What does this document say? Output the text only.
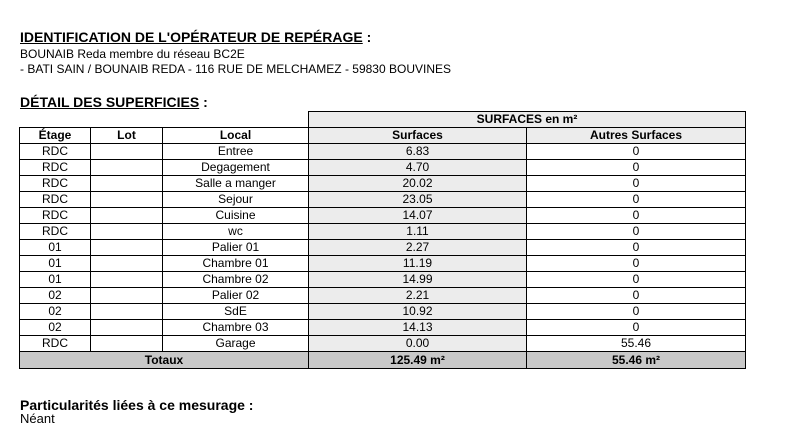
IDENTIFICATION DE L'OPÉRATEUR DE REPÉRAGE :
BOUNAIB Reda membre du réseau BC2E
- BATI SAIN / BOUNAIB REDA - 116 RUE DE MELCHAMEZ - 59830 BOUVINES
DÉTAIL DES SUPERFICIES :
			SURFACES en m²	
Étage	Lot	Local	Surfaces	Autres Surfaces
RDC		Entree	6.83	0
RDC		Degagement	4.70	0
RDC		Salle a manger	20.02	0
RDC		Sejour	23.05	0
RDC		Cuisine	14.07	0
RDC		wc	1.11	0
01		Palier 01	2.27	0
01		Chambre 01	11.19	0
01		Chambre 02	14.99	0
02		Palier 02	2.21	0
02		SdE	10.92	0
02		Chambre 03	14.13	0
RDC		Garage	0.00	55.46
Totaux			125.49 m²	55.46 m²
Particularités liées à ce mesurage :
Néant
